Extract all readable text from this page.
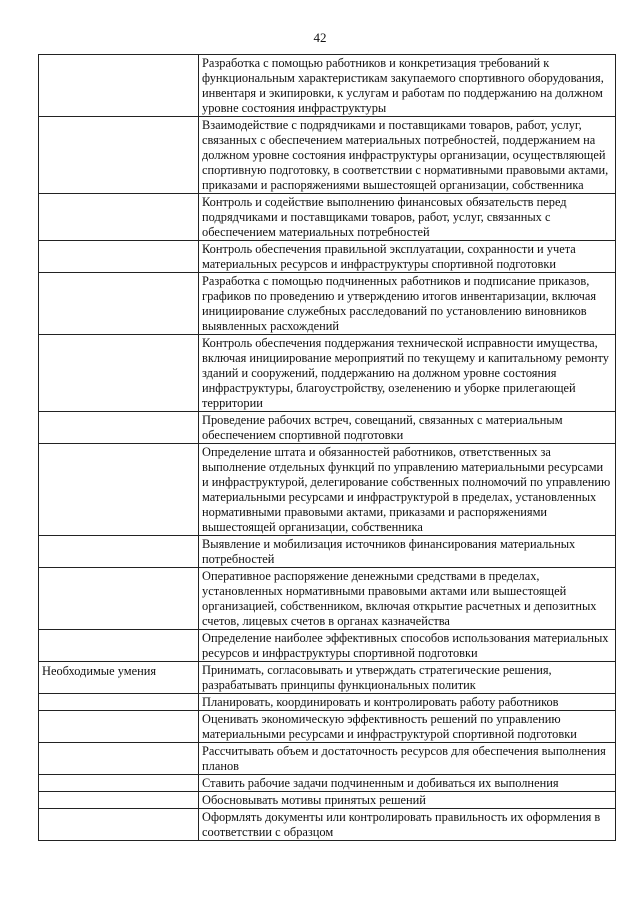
42
	Разработка с помощью работников и конкретизация требований к функциональным характеристикам закупаемого спортивного оборудования, инвентаря и экипировки, к услугам и работам по поддержанию на должном уровне состояния инфраструктуры
	Взаимодействие с подрядчиками и поставщиками товаров, работ, услуг, связанных с обеспечением материальных потребностей, поддержанием на должном уровне состояния инфраструктуры организации, осуществляющей спортивную подготовку, в соответствии с нормативными правовыми актами, приказами и распоряжениями вышестоящей организации, собственника
	Контроль и содействие выполнению финансовых обязательств перед подрядчиками и поставщиками товаров, работ, услуг, связанных с обеспечением материальных потребностей
	Контроль обеспечения правильной эксплуатации, сохранности и учета материальных ресурсов и инфраструктуры спортивной подготовки
	Разработка с помощью подчиненных работников и подписание приказов, графиков по проведению и утверждению итогов инвентаризации, включая инициирование служебных расследований по установлению виновников выявленных расхождений
	Контроль обеспечения поддержания технической исправности имущества, включая инициирование мероприятий по текущему и капитальному ремонту зданий и сооружений, поддержанию на должном уровне состояния инфраструктуры, благоустройству, озеленению и уборке прилегающей территории
	Проведение рабочих встреч, совещаний, связанных с материальным обеспечением спортивной подготовки
	Определение штата и обязанностей работников, ответственных за выполнение отдельных функций по управлению материальными ресурсами и инфраструктурой, делегирование собственных полномочий по управлению материальными ресурсами и инфраструктурой в пределах, установленных нормативными правовыми актами, приказами и распоряжениями вышестоящей организации, собственника
	Выявление и мобилизация источников финансирования материальных потребностей
	Оперативное распоряжение денежными средствами в пределах, установленных нормативными правовыми актами или вышестоящей организацией, собственником, включая открытие расчетных и депозитных счетов, лицевых счетов в органах казначейства
	Определение наиболее эффективных способов использования материальных ресурсов и инфраструктуры спортивной подготовки
Необходимые умения	Принимать, согласовывать и утверждать стратегические решения, разрабатывать принципы функциональных политик
	Планировать, координировать и контролировать работу работников
	Оценивать экономическую эффективность решений по управлению материальными ресурсами и инфраструктурой спортивной подготовки
	Рассчитывать объем и достаточность ресурсов для обеспечения выполнения планов
	Ставить рабочие задачи подчиненным и добиваться их выполнения
	Обосновывать мотивы принятых решений
	Оформлять документы или контролировать правильность их оформления в соответствии с образцом
